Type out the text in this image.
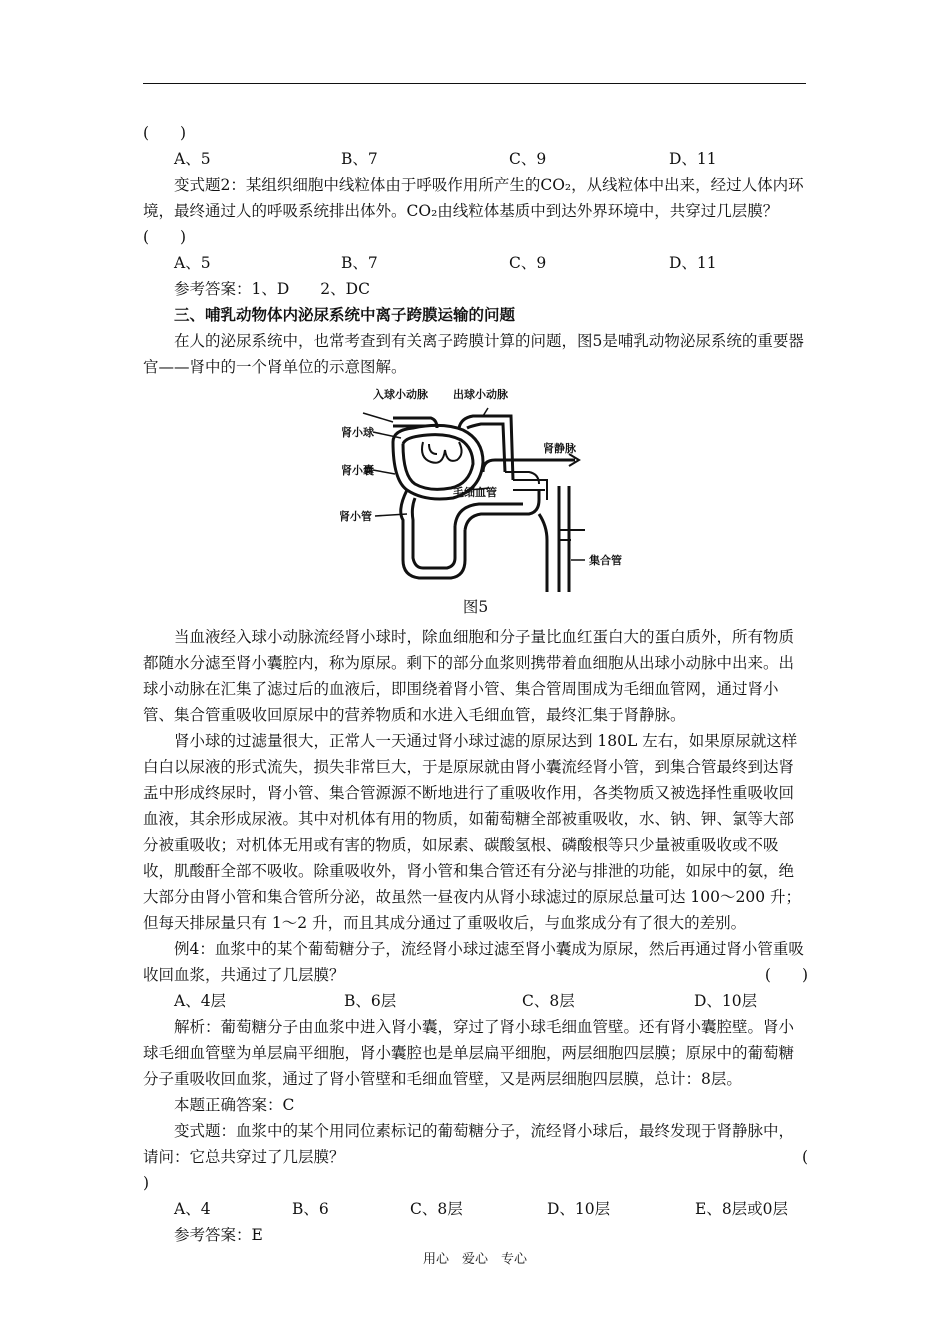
(　　)

A、5	B、7	C、9	D、11

变式题2：某组织细胞中线粒体由于呼吸作用所产生的CO₂，从线粒体中出来，经过人体内环境，最终通过人的呼吸系统排出体外。CO₂由线粒体基质中到达外界环境中，共穿过几层膜？　　　　　　　(　　)

A、5	B、7	C、9	D、11

参考答案：1、D　　2、DC

三、哺乳动物体内泌尿系统中离子跨膜运输的问题

在人的泌尿系统中，也常考查到有关离子跨膜计算的问题，图5是哺乳动物泌尿系统的重要器官——肾中的一个肾单位的示意图解。

入球小动脉 出球小动脉
肾小球
肾小囊
肾静脉
毛细血管
肾小管
集合管

图5

当血液经入球小动脉流经肾小球时，除血细胞和分子量比血红蛋白大的蛋白质外，所有物质都随水分滤至肾小囊腔内，称为原尿。剩下的部分血浆则携带着血细胞从出球小动脉中出来。出球小动脉在汇集了滤过后的血液后，即围绕着肾小管、集合管周围成为毛细血管网，通过肾小管、集合管重吸收回原尿中的营养物质和水进入毛细血管，最终汇集于肾静脉。

肾小球的过滤量很大，正常人一天通过肾小球过滤的原尿达到 180L 左右，如果原尿就这样白白以尿液的形式流失，损失非常巨大，于是原尿就由肾小囊流经肾小管，到集合管最终到达肾盂中形成终尿时，肾小管、集合管源源不断地进行了重吸收作用，各类物质又被选择性重吸收回血液，其余形成尿液。其中对机体有用的物质，如葡萄糖全部被重吸收，水、钠、钾、氯等大部分被重吸收；对机体无用或有害的物质，如尿素、碳酸氢根、磷酸根等只少量被重吸收或不吸收，肌酸酐全部不吸收。除重吸收外，肾小管和集合管还有分泌与排泄的功能，如尿中的氨，绝大部分由肾小管和集合管所分泌，故虽然一昼夜内从肾小球滤过的原尿总量可达 100～200 升；但每天排尿量只有 1～2 升，而且其成分通过了重吸收后，与血浆成分有了很大的差别。

例4：血浆中的某个葡萄糖分子，流经肾小球过滤至肾小囊成为原尿，然后再通过肾小管重吸收回血浆，共通过了几层膜？	(　　)

A、4层	B、6层	C、8层	D、10层

解析：葡萄糖分子由血浆中进入肾小囊，穿过了肾小球毛细血管壁。还有肾小囊腔壁。肾小球毛细血管壁为单层扁平细胞，肾小囊腔也是单层扁平细胞，两层细胞四层膜；原尿中的葡萄糖分子重吸收回血浆，通过了肾小管壁和毛细血管壁，又是两层细胞四层膜，总计：8层。

本题正确答案：C

变式题：血浆中的某个用同位素标记的葡萄糖分子，流经肾小球后，最终发现于肾静脉中，请问：它总共穿过了几层膜？	(

)

A、4	B、6	C、8层	D、10层	E、8层或0层

参考答案：E

用心　爱心　专心
